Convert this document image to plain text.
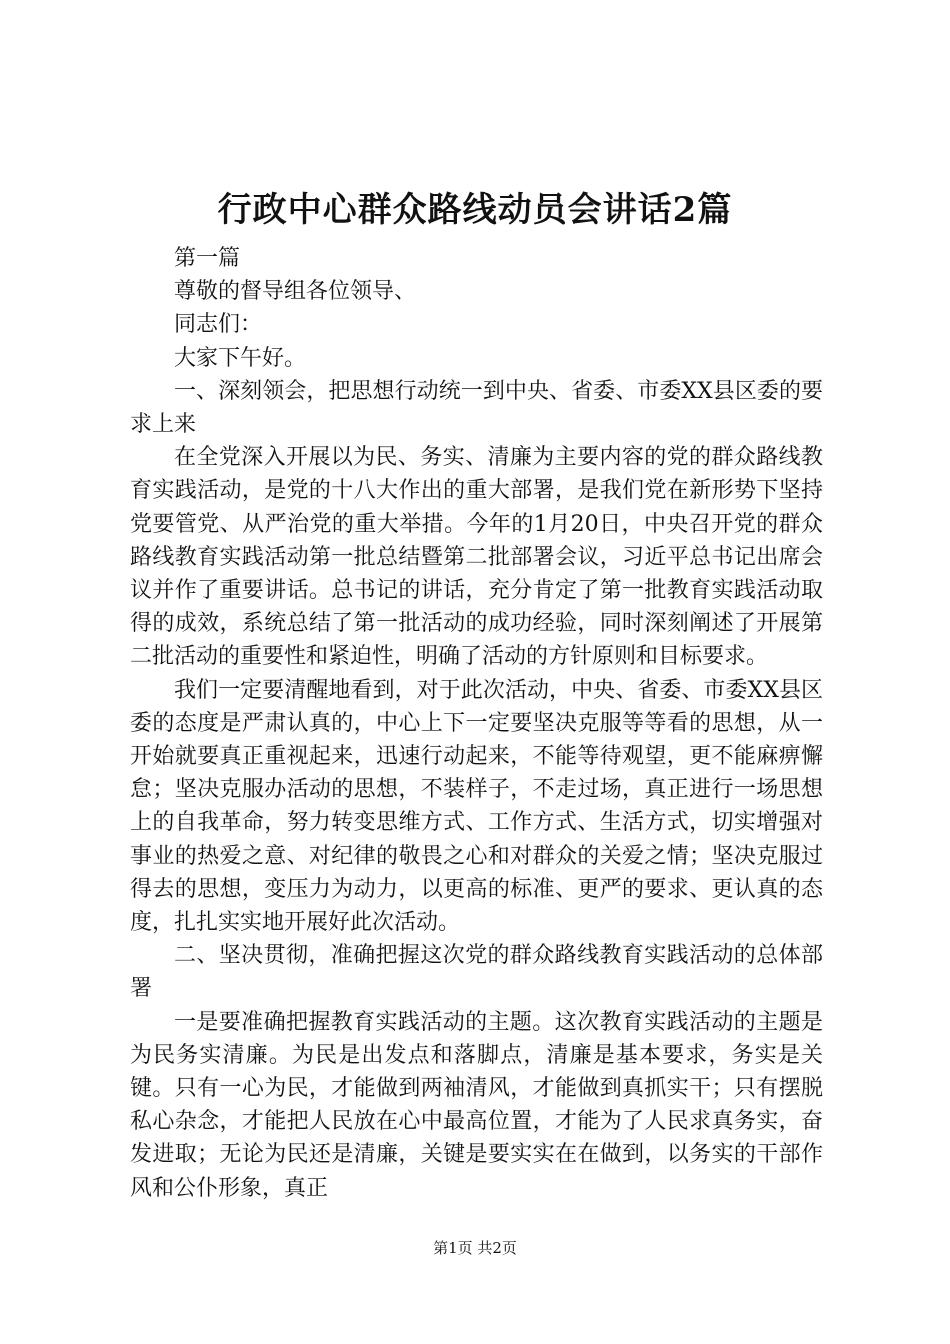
行政中心群众路线动员会讲话2篇

第一篇

尊敬的督导组各位领导、

同志们：

大家下午好。

一、深刻领会，把思想行动统一到中央、省委、市委XX县区委的要求上来

在全党深入开展以为民、务实、清廉为主要内容的党的群众路线教育实践活动，是党的十八大作出的重大部署，是我们党在新形势下坚持党要管党、从严治党的重大举措。今年的1月20日，中央召开党的群众路线教育实践活动第一批总结暨第二批部署会议，习近平总书记出席会议并作了重要讲话。总书记的讲话，充分肯定了第一批教育实践活动取得的成效，系统总结了第一批活动的成功经验，同时深刻阐述了开展第二批活动的重要性和紧迫性，明确了活动的方针原则和目标要求。

我们一定要清醒地看到，对于此次活动，中央、省委、市委XX县区委的态度是严肃认真的，中心上下一定要坚决克服等等看的思想，从一开始就要真正重视起来，迅速行动起来，不能等待观望，更不能麻痹懈怠；坚决克服办活动的思想，不装样子，不走过场，真正进行一场思想上的自我革命，努力转变思维方式、工作方式、生活方式，切实增强对事业的热爱之意、对纪律的敬畏之心和对群众的关爱之情；坚决克服过得去的思想，变压力为动力，以更高的标准、更严的要求、更认真的态度，扎扎实实地开展好此次活动。

二、坚决贯彻，准确把握这次党的群众路线教育实践活动的总体部署

一是要准确把握教育实践活动的主题。这次教育实践活动的主题是为民务实清廉。为民是出发点和落脚点，清廉是基本要求，务实是关键。只有一心为民，才能做到两袖清风，才能做到真抓实干；只有摆脱私心杂念，才能把人民放在心中最高位置，才能为了人民求真务实，奋发进取；无论为民还是清廉，关键是要实实在在做到，以务实的干部作风和公仆形象，真正

第1页 共2页
